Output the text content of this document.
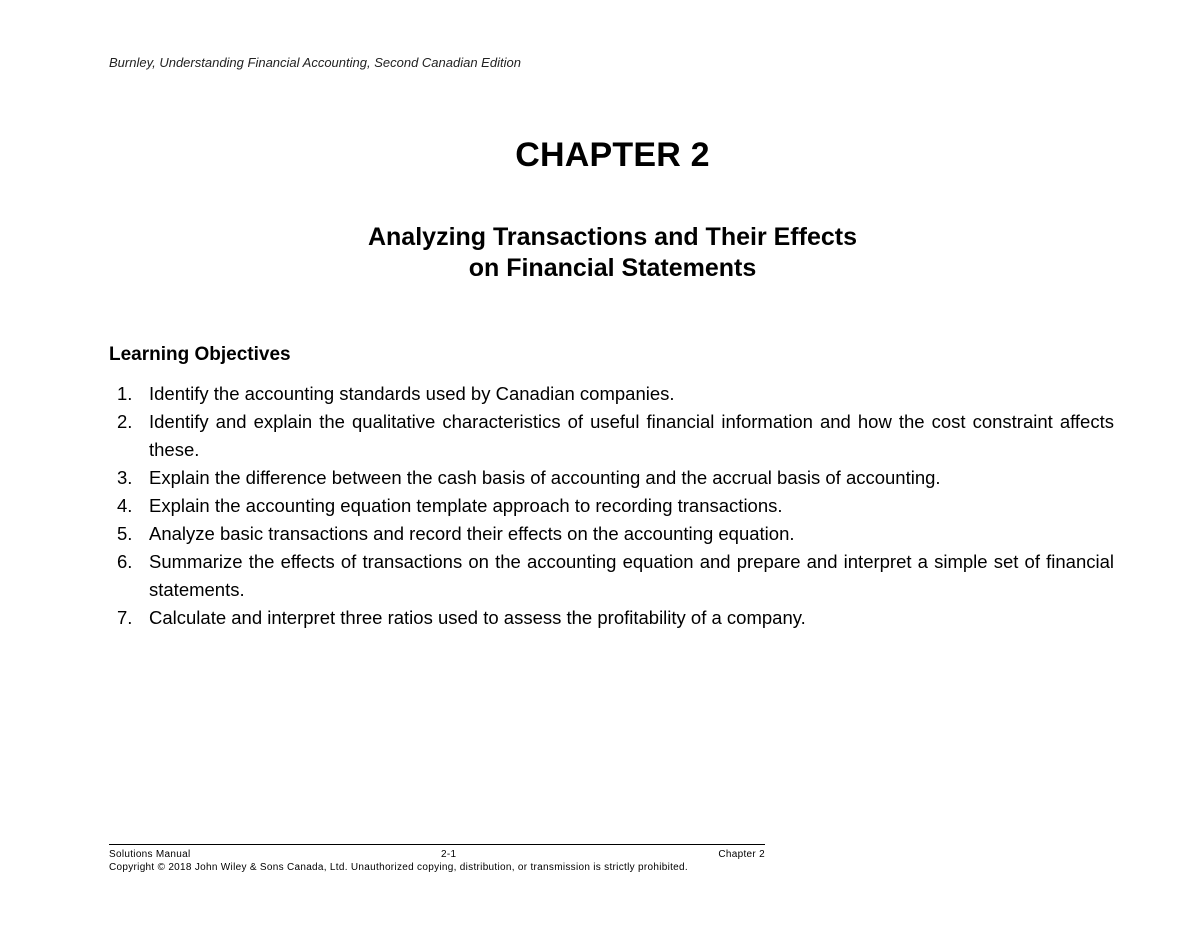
Burnley, Understanding Financial Accounting, Second Canadian Edition
CHAPTER 2
Analyzing Transactions and Their Effects
on Financial Statements
Learning Objectives
1. Identify the accounting standards used by Canadian companies.
2. Identify and explain the qualitative characteristics of useful financial information and how the cost constraint affects these.
3. Explain the difference between the cash basis of accounting and the accrual basis of accounting.
4. Explain the accounting equation template approach to recording transactions.
5. Analyze basic transactions and record their effects on the accounting equation.
6. Summarize the effects of transactions on the accounting equation and prepare and interpret a simple set of financial statements.
7. Calculate and interpret three ratios used to assess the profitability of a company.
Solutions Manual	2-1	Chapter 2
Copyright © 2018 John Wiley & Sons Canada, Ltd. Unauthorized copying, distribution, or transmission is strictly prohibited.
